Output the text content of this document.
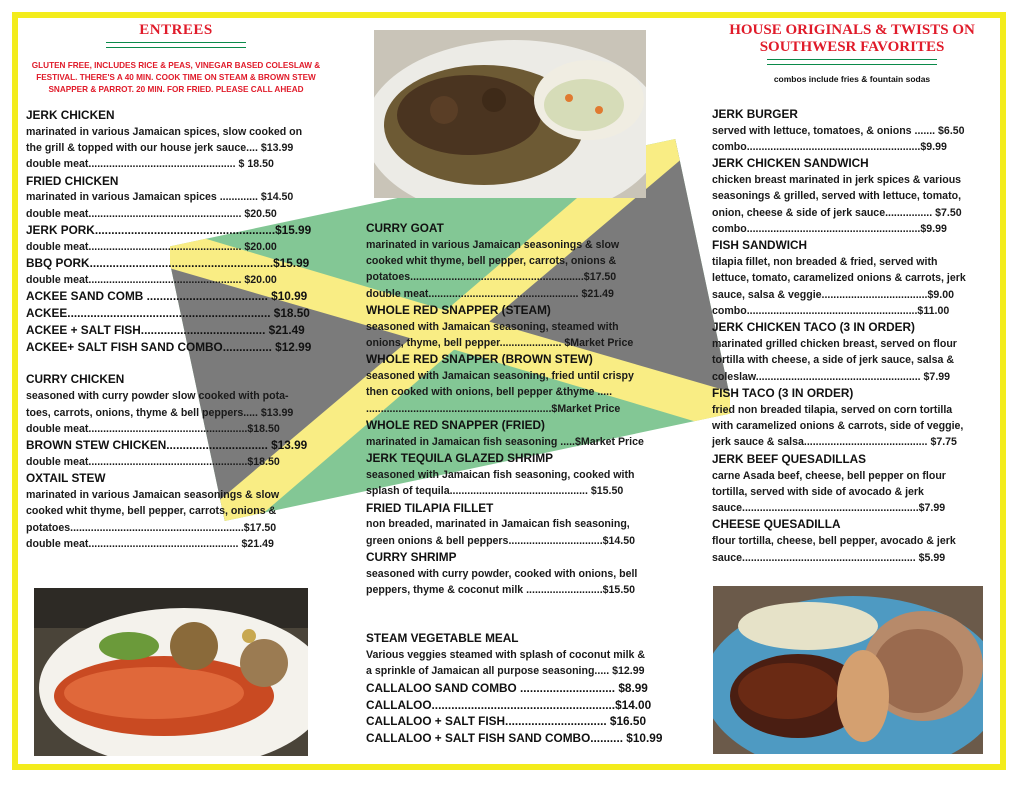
ENTREES
GLUTEN FREE, INCLUDES RICE & PEAS, VINEGAR BASED COLESLAW & FESTIVAL. THERE'S A 40 MIN. COOK TIME ON STEAM & BROWN STEW SNAPPER & PARROT. 20 MIN. FOR FRIED. PLEASE CALL AHEAD
JERK CHICKEN
marinated in various Jamaican spices, slow cooked on
the grill & topped with our house jerk sauce.... $13.99
double meat.................................................. $ 18.50
FRIED CHICKEN
marinated in various Jamaican spices ............. $14.50
double meat.................................................... $20.50
JERK PORK.......................................................$15.99
double meat.................................................... $20.00
BBQ PORK........................................................$15.99
double meat.................................................... $20.00
ACKEE SAND COMB ..................................... $10.99
ACKEE.............................................................. $18.50
ACKEE + SALT FISH...................................... $21.49
ACKEE+ SALT FISH SAND COMBO............... $12.99
CURRY CHICKEN
seasoned with curry powder slow cooked with pota-
toes, carrots, onions, thyme & bell peppers..... $13.99
double meat......................................................$18.50
BROWN STEW CHICKEN............................... $13.99
double meat......................................................$18.50
OXTAIL STEW
marinated in various Jamaican seasonings & slow
cooked whit thyme, bell pepper, carrots, onions &
potatoes...........................................................$17.50
double meat................................................... $21.49
CURRY GOAT
marinated in various Jamaican seasonings & slow
cooked whit thyme, bell pepper, carrots, onions &
potatoes...........................................................$17.50
double meat................................................... $21.49
WHOLE RED SNAPPER (STEAM)
seasoned with Jamaican seasoning, steamed with
onions, thyme, bell pepper..................... $Market Price
WHOLE RED SNAPPER (BROWN STEW)
seasoned with Jamaican seasoning, fried until crispy
then cooked with onions, bell pepper &thyme .....
...............................................................$Market Price
WHOLE RED SNAPPER (FRIED)
marinated in Jamaican fish seasoning .....$Market Price
JERK TEQUILA GLAZED SHRIMP
seasoned with Jamaican fish seasoning, cooked with
splash of tequila............................................... $15.50
FRIED TILAPIA FILLET
non breaded, marinated in Jamaican fish seasoning,
green onions & bell peppers................................$14.50
CURRY SHRIMP
seasoned with curry powder, cooked with onions, bell
peppers, thyme & coconut milk ..........................$15.50
STEAM VEGETABLE MEAL
Various veggies steamed with splash of coconut milk &
a sprinkle of Jamaican all purpose seasoning..... $12.99
CALLALOO SAND COMBO ............................. $8.99
CALLALOO........................................................$14.00
CALLALOO + SALT FISH............................... $16.50
CALLALOO + SALT FISH SAND COMBO.......... $10.99
HOUSE ORIGINALS & TWISTS ON
SOUTHWESR FAVORITES
combos include fries & fountain sodas
JERK BURGER
served with lettuce, tomatoes, & onions ....... $6.50
combo...........................................................$9.99
JERK CHICKEN SANDWICH
chicken breast marinated in jerk spices & various
seasonings & grilled, served with lettuce, tomato,
onion, cheese & side of jerk sauce................ $7.50
combo...........................................................$9.99
FISH SANDWICH
tilapia fillet, non breaded & fried, served with
lettuce, tomato, caramelized onions & carrots, jerk
sauce, salsa & veggie....................................$9.00
combo..........................................................$11.00
JERK CHICKEN TACO (3 IN ORDER)
marinated grilled chicken breast, served on flour
tortilla with cheese, a side of jerk sauce, salsa &
coleslaw........................................................ $7.99
FISH TACO (3 IN ORDER)
fried non breaded tilapia, served on corn tortilla
with caramelized onions & carrots, side of veggie,
jerk sauce & salsa.......................................... $7.75
JERK BEEF QUESADILLAS
carne Asada beef, cheese, bell pepper on flour
tortilla, served with side of avocado & jerk
sauce............................................................$7.99
CHEESE QUESADILLA
flour tortilla, cheese, bell pepper, avocado & jerk
sauce........................................................... $5.99
